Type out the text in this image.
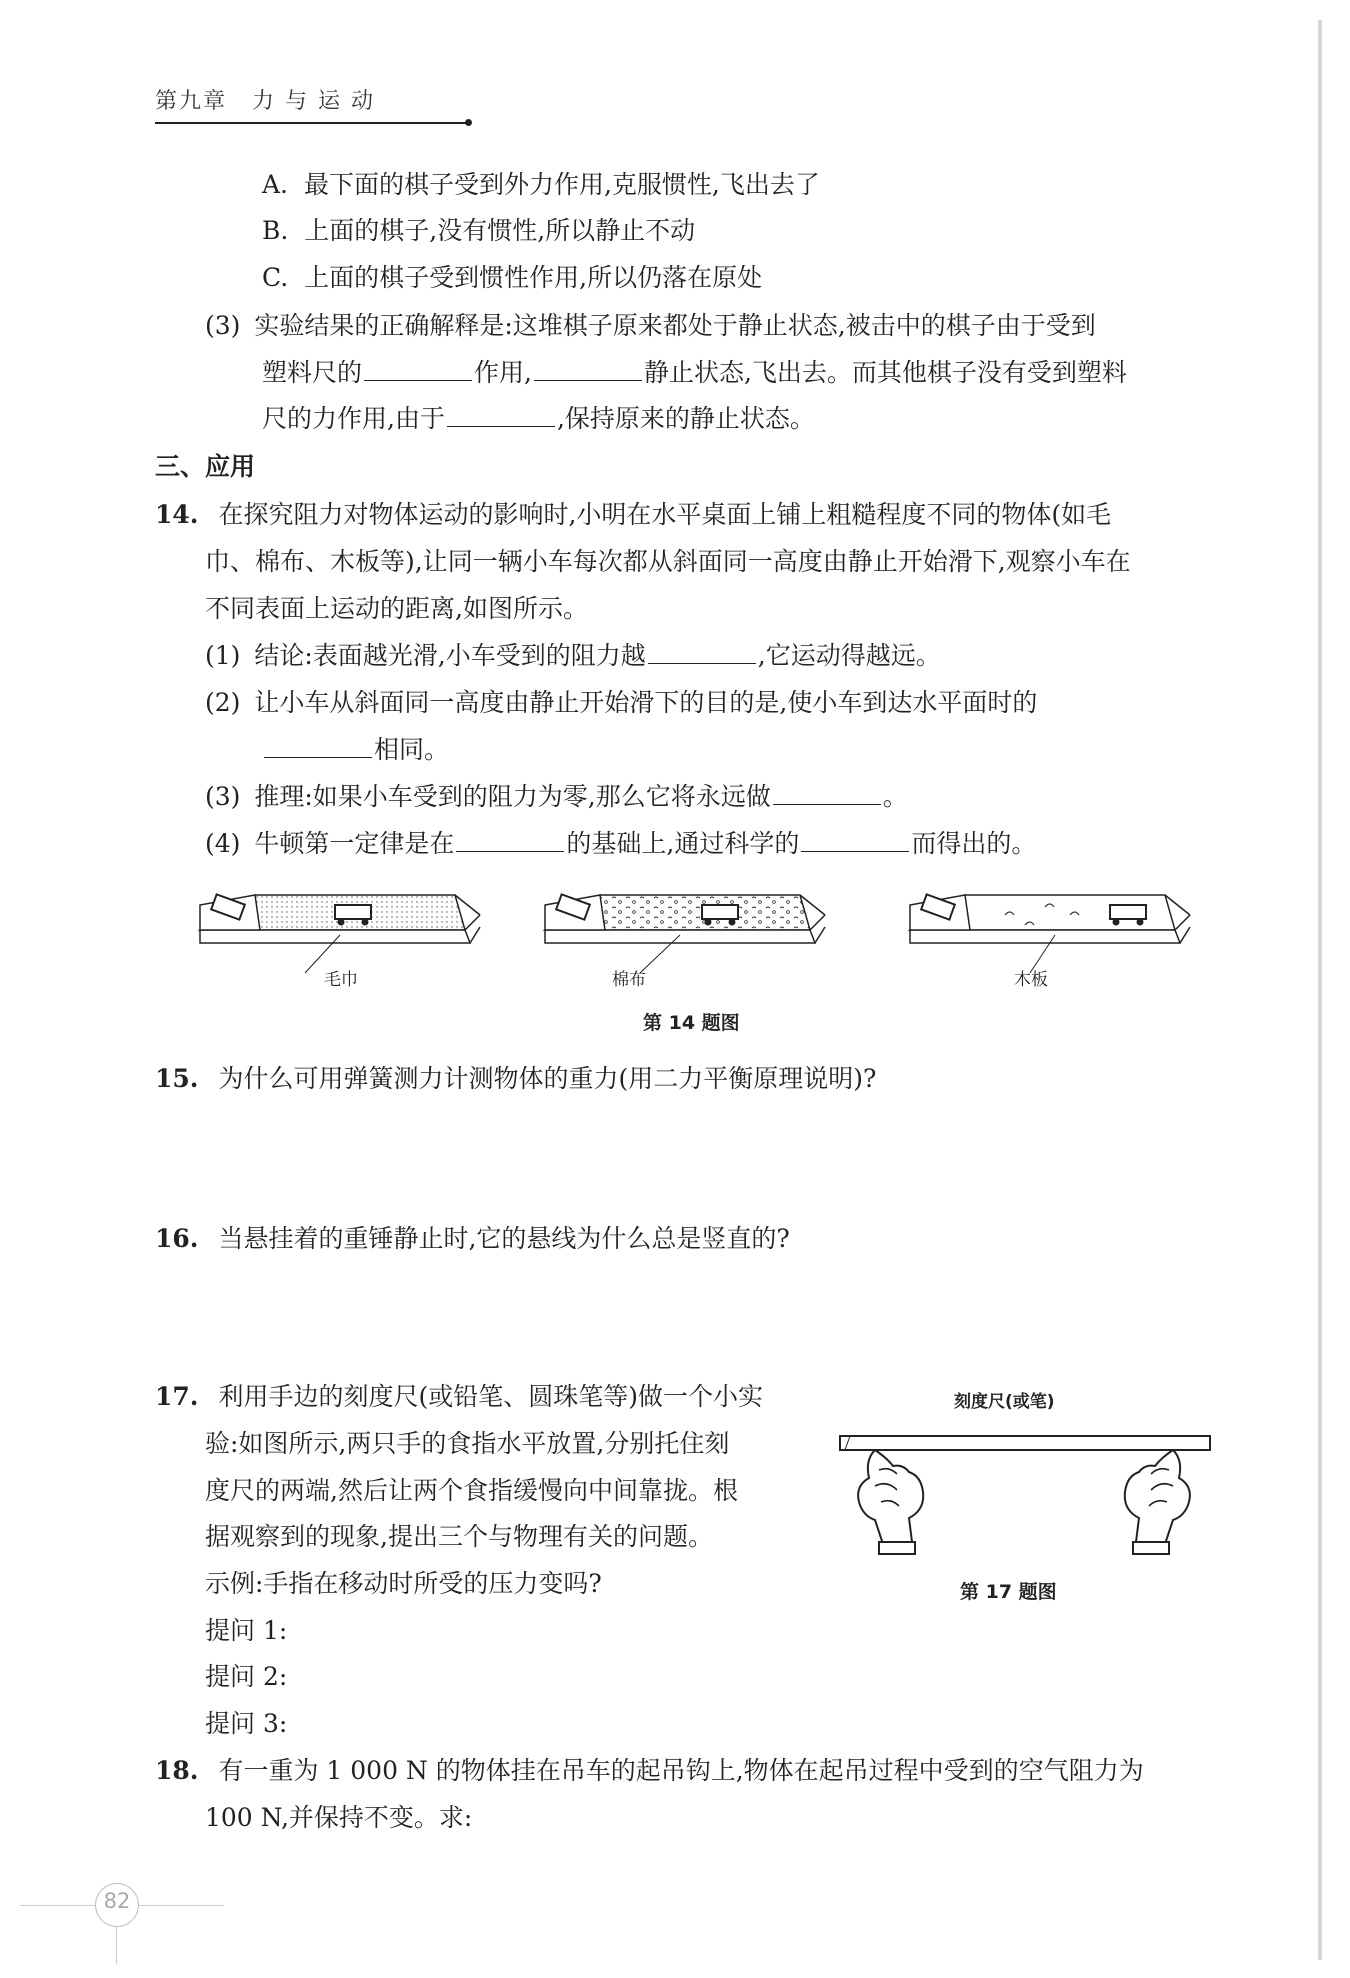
第九章 力 与 运 动
A. 最下面的棋子受到外力作用,克服惯性,飞出去了
B. 上面的棋子,没有惯性,所以静止不动
C. 上面的棋子受到惯性作用,所以仍落在原处
(3) 实验结果的正确解释是:这堆棋子原来都处于静止状态,被击中的棋子由于受到
塑料尺的	作用,	静止状态,飞出去。而其他棋子没有受到塑料
尺的力作用,由于	,保持原来的静止状态。
三、应用
14. 在探究阻力对物体运动的影响时,小明在水平桌面上铺上粗糙程度不同的物体(如毛
巾、棉布、木板等),让同一辆小车每次都从斜面同一高度由静止开始滑下,观察小车在
不同表面上运动的距离,如图所示。
(1) 结论:表面越光滑,小车受到的阻力越	,它运动得越远。
(2) 让小车从斜面同一高度由静止开始滑下的目的是,使小车到达水平面时的
相同。
(3) 推理:如果小车受到的阻力为零,那么它将永远做	。
(4) 牛顿第一定律是在	的基础上,通过科学的	而得出的。
毛巾	棉布	木板
第 14 题图
15. 为什么可用弹簧测力计测物体的重力(用二力平衡原理说明)?
16. 当悬挂着的重锤静止时,它的悬线为什么总是竖直的?
17. 利用手边的刻度尺(或铅笔、圆珠笔等)做一个小实
验:如图所示,两只手的食指水平放置,分别托住刻
度尺的两端,然后让两个食指缓慢向中间靠拢。根
据观察到的现象,提出三个与物理有关的问题。
示例:手指在移动时所受的压力变吗?
提问 1:
提问 2:
提问 3:
刻度尺(或笔)
第 17 题图
18. 有一重为 1 000 N 的物体挂在吊车的起吊钩上,物体在起吊过程中受到的空气阻力为
100 N,并保持不变。求:
82
